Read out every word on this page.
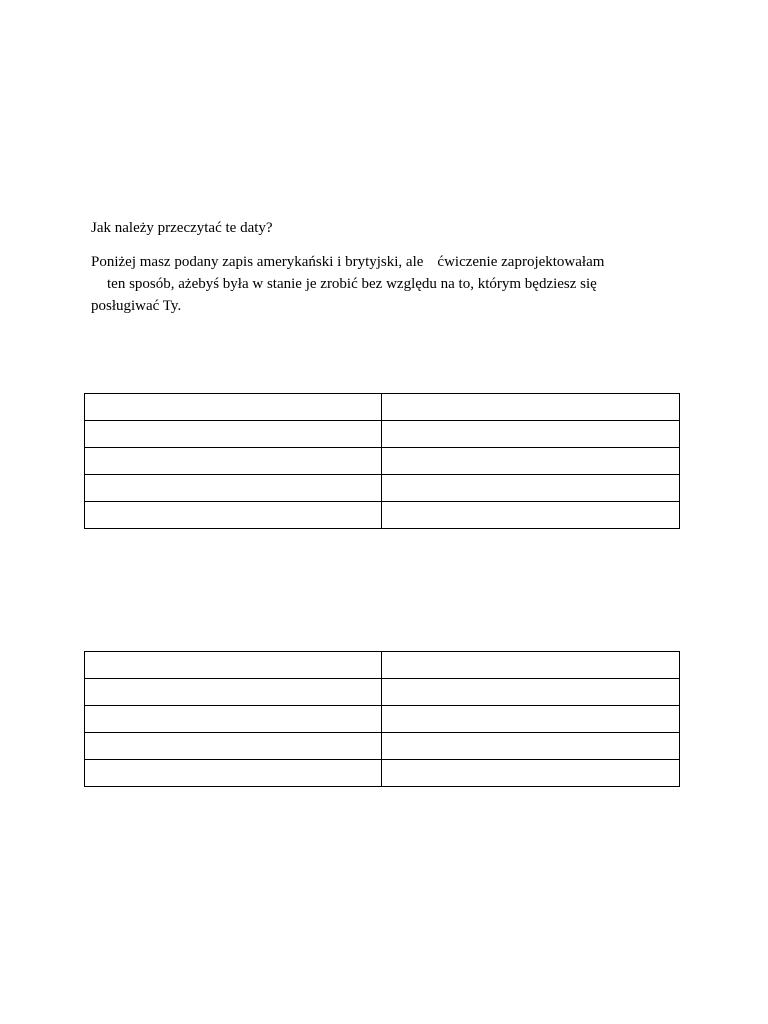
Jak należy przeczytać te daty?

Poniżej masz podany zapis amerykański i brytyjski, ale ćwiczenie zaprojektowałam
ten sposób, ażebyś była w stanie je zrobić bez względu na to, którym będziesz się
posługiwać Ty.
